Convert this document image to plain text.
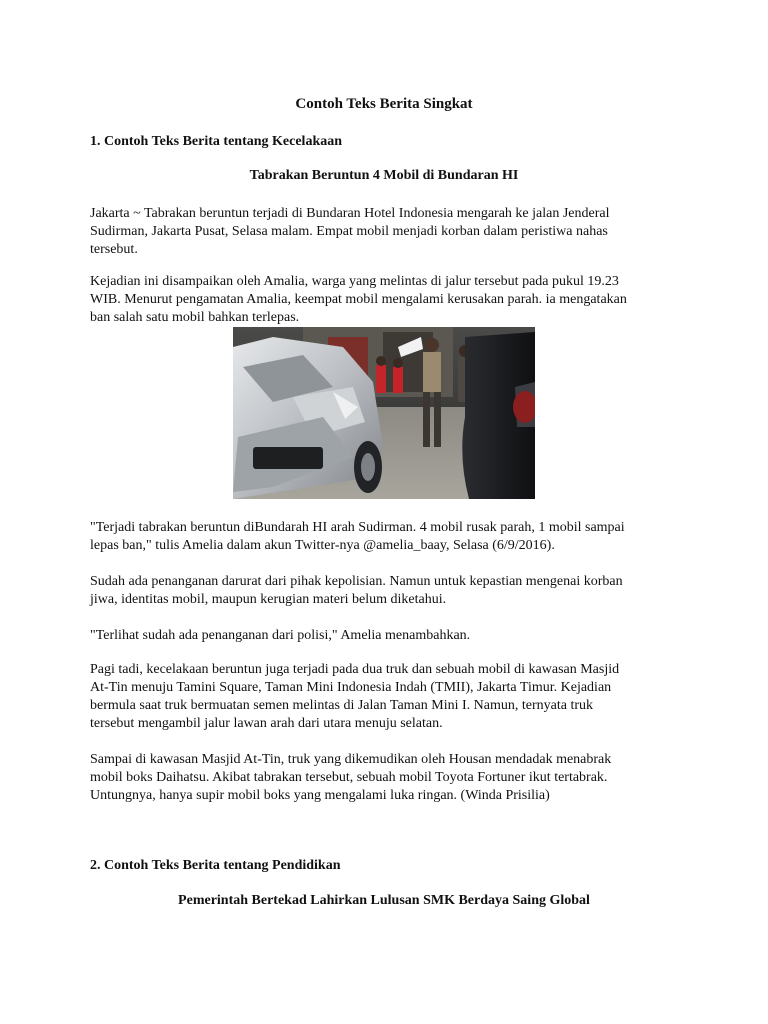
Contoh Teks Berita Singkat
1. Contoh Teks Berita tentang Kecelakaan
Tabrakan Beruntun 4 Mobil di Bundaran HI

Jakarta ~ Tabrakan beruntun terjadi di Bundaran Hotel Indonesia mengarah ke jalan Jenderal
Sudirman, Jakarta Pusat, Selasa malam. Empat mobil menjadi korban dalam peristiwa nahas
tersebut.

Kejadian ini disampaikan oleh Amalia, warga yang melintas di jalur tersebut pada pukul 19.23
WIB. Menurut pengamatan Amalia, keempat mobil mengalami kerusakan parah. ia mengatakan
ban salah satu mobil bahkan terlepas.

"Terjadi tabrakan beruntun diBundarah HI arah Sudirman. 4 mobil rusak parah, 1 mobil sampai
lepas ban," tulis Amelia dalam akun Twitter-nya @amelia_baay, Selasa (6/9/2016).

Sudah ada penanganan darurat dari pihak kepolisian. Namun untuk kepastian mengenai korban
jiwa, identitas mobil, maupun kerugian materi belum diketahui.

"Terlihat sudah ada penanganan dari polisi," Amelia menambahkan.

Pagi tadi, kecelakaan beruntun juga terjadi pada dua truk dan sebuah mobil di kawasan Masjid
At-Tin menuju Tamini Square, Taman Mini Indonesia Indah (TMII), Jakarta Timur. Kejadian
bermula saat truk bermuatan semen melintas di Jalan Taman Mini I. Namun, ternyata truk
tersebut mengambil jalur lawan arah dari utara menuju selatan.

Sampai di kawasan Masjid At-Tin, truk yang dikemudikan oleh Housan mendadak menabrak
mobil boks Daihatsu. Akibat tabrakan tersebut, sebuah mobil Toyota Fortuner ikut tertabrak.
Untungnya, hanya supir mobil boks yang mengalami luka ringan. (Winda Prisilia)

2. Contoh Teks Berita tentang Pendidikan
Pemerintah Bertekad Lahirkan Lulusan SMK Berdaya Saing Global
